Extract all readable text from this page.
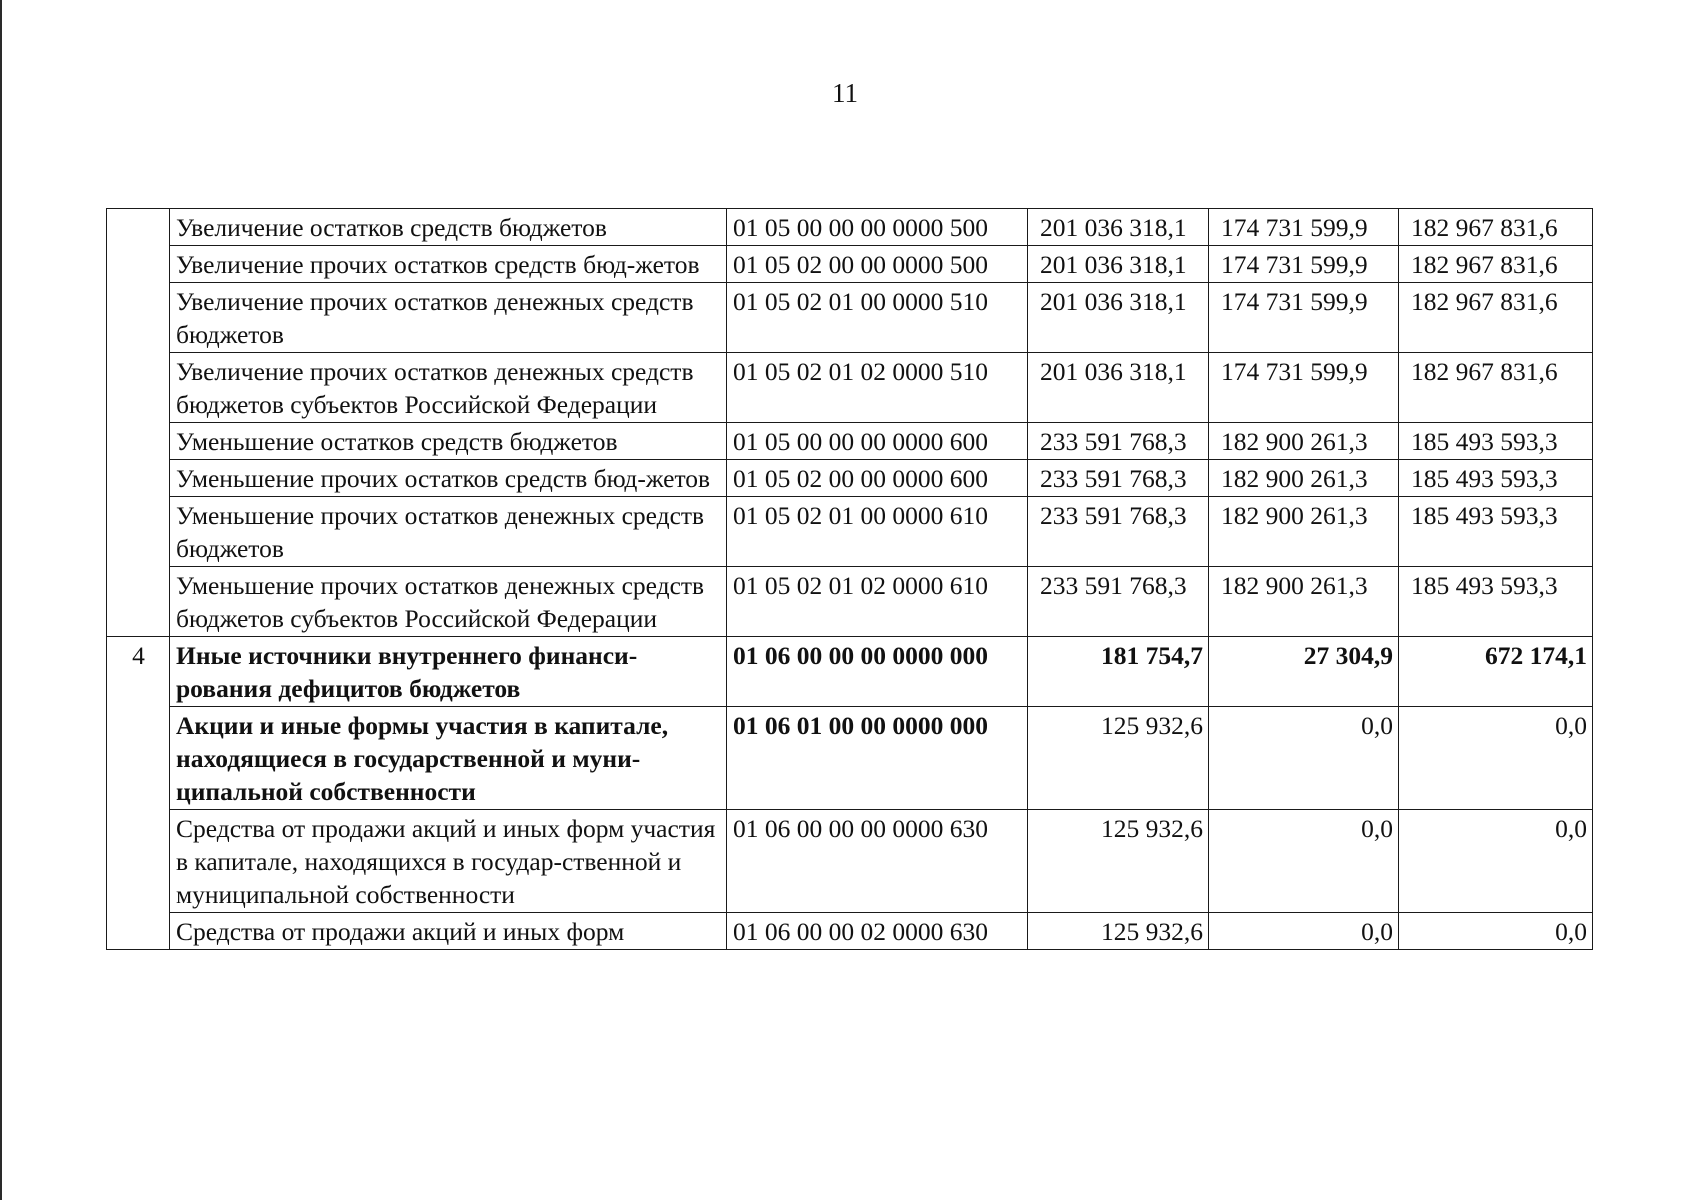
11
	Увеличение остатков средств бюджетов	01 05 00 00 00 0000 500	201 036 318,1	174 731 599,9	182 967 831,6
	Увеличение прочих остатков средств бюд-жетов	01 05 02 00 00 0000 500	201 036 318,1	174 731 599,9	182 967 831,6
	Увеличение прочих остатков денежных средств бюджетов	01 05 02 01 00 0000 510	201 036 318,1	174 731 599,9	182 967 831,6
	Увеличение прочих остатков денежных средств бюджетов субъектов Российской Федерации	01 05 02 01 02 0000 510	201 036 318,1	174 731 599,9	182 967 831,6
	Уменьшение остатков средств бюджетов	01 05 00 00 00 0000 600	233 591 768,3	182 900 261,3	185 493 593,3
	Уменьшение прочих остатков средств бюд-жетов	01 05 02 00 00 0000 600	233 591 768,3	182 900 261,3	185 493 593,3
	Уменьшение прочих остатков денежных средств бюджетов	01 05 02 01 00 0000 610	233 591 768,3	182 900 261,3	185 493 593,3
	Уменьшение прочих остатков денежных средств бюджетов субъектов Российской Федерации	01 05 02 01 02 0000 610	233 591 768,3	182 900 261,3	185 493 593,3
4	Иные источники внутреннего финанси-рования дефицитов бюджетов	01 06 00 00 00 0000 000	181 754,7	27 304,9	672 174,1
	Акции и иные формы участия в капитале, находящиеся в государственной и муни-ципальной собственности	01 06 01 00 00 0000 000	125 932,6	0,0	0,0
	Средства от продажи акций и иных форм участия в капитале, находящихся в государ-ственной и муниципальной собственности	01 06 00 00 00 0000 630	125 932,6	0,0	0,0
	Средства от продажи акций и иных форм	01 06 00 00 02 0000 630	125 932,6	0,0	0,0
